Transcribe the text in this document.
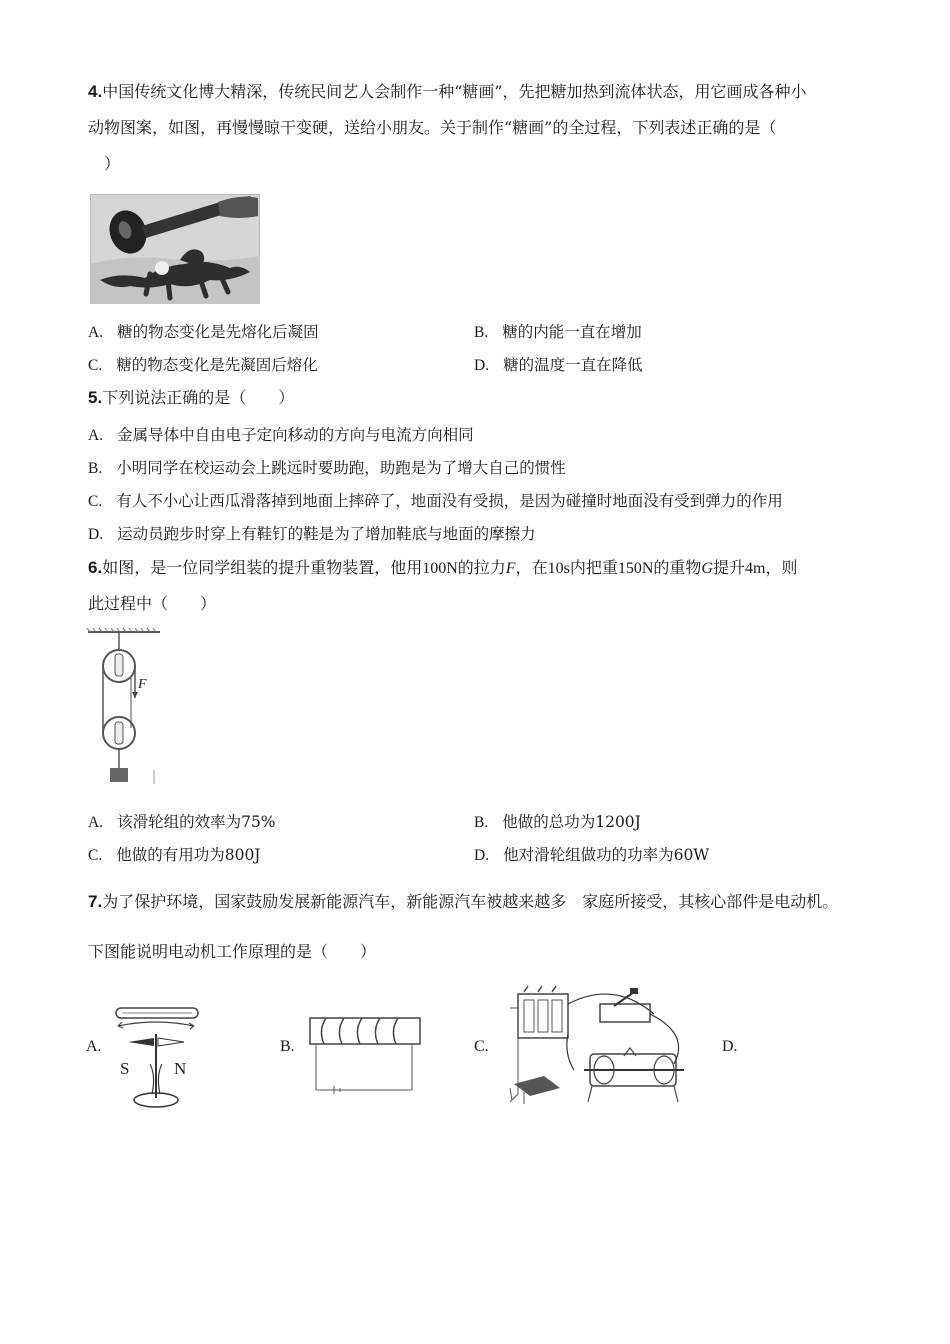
4.中国传统文化博大精深，传统民间艺人会制作一种“糖画”，先把糖加热到流体状态，用它画成各种小
动物图案，如图，再慢慢晾干变硬，送给小朋友。关于制作“糖画”的全过程，下列表述正确的是（
）
A. 糖的物态变化是先熔化后凝固	B. 糖的内能一直在增加
C. 糖的物态变化是先凝固后熔化	D. 糖的温度一直在降低
5.下列说法正确的是（　　）
A. 金属导体中自由电子定向移动的方向与电流方向相同
B. 小明同学在校运动会上跳远时要助跑，助跑是为了增大自己的惯性
C. 有人不小心让西瓜滑落掉到地面上摔碎了，地面没有受损，是因为碰撞时地面没有受到弹力的作用
D. 运动员跑步时穿上有鞋钉的鞋是为了增加鞋底与地面的摩擦力
6.如图，是一位同学组装的提升重物装置，他用100N的拉力F，在10s内把重150N的重物G提升4m，则
此过程中（　　）
F
A. 该滑轮组的效率为75%	B. 他做的总功为1200J
C. 他做的有用功为800J	D. 他对滑轮组做功的功率为60W
7.为了保护环境，国家鼓励发展新能源汽车，新能源汽车被越来越多　家庭所接受，其核心部件是电动机。
下图能说明电动机工作原理的是（　　）
A.	B.	C.	D.
S	N
